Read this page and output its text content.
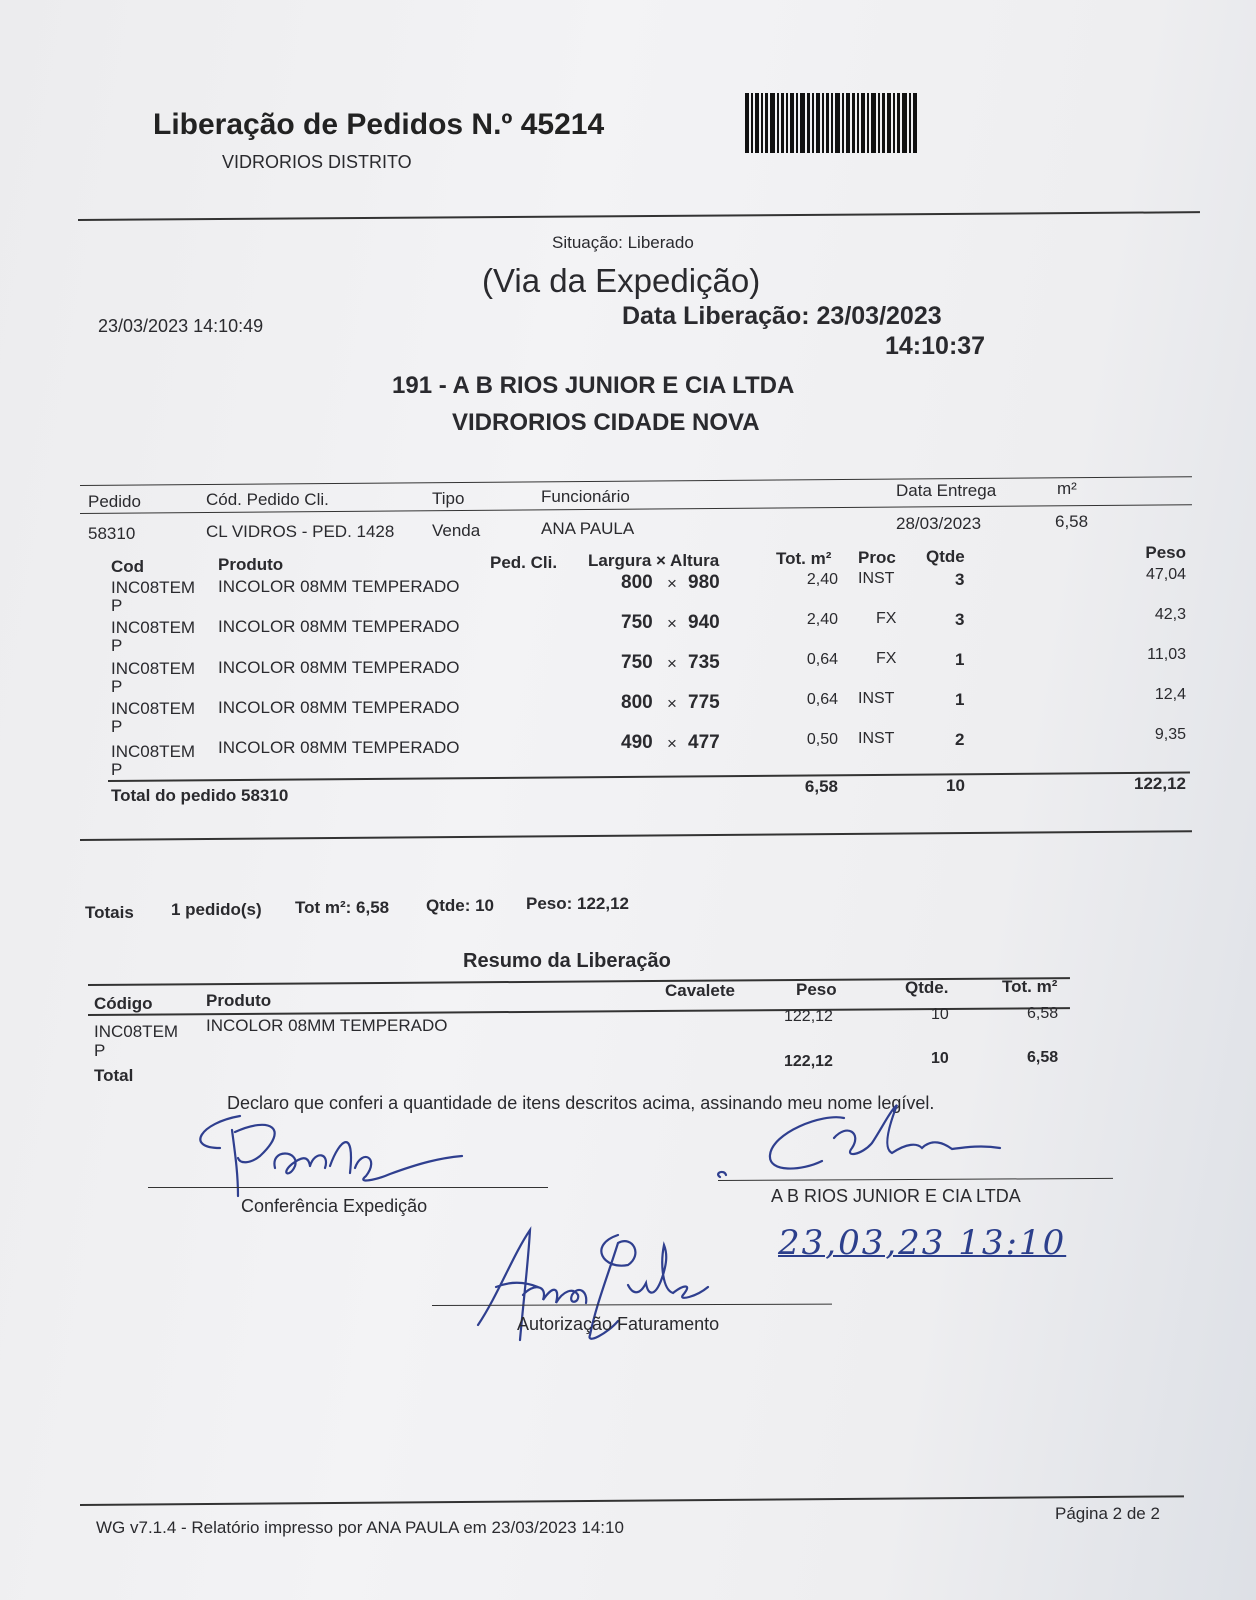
Liberação de Pedidos N.º 45214
VIDRORIOS DISTRITO
Situação: Liberado
(Via da Expedição)
23/03/2023 14:10:49	Data Liberação: 23/03/2023
14:10:37
191 - A B RIOS JUNIOR E CIA LTDA
VIDRORIOS CIDADE NOVA
Pedido	Cód. Pedido Cli.	Tipo	Funcionário	Data Entrega	m²
58310	CL VIDROS - PED. 1428 Venda	ANA PAULA	28/03/2023	6,58
Cod	Produto	Ped. Cli. Largura × Altura	Tot. m² Proc Qtde	Peso
INC08TEM
P
INCOLOR 08MM TEMPERADO	800 × 980	2,40 INST	3	47,04
INC08TEM
P
INCOLOR 08MM TEMPERADO	750 × 940	2,40 FX	3	42,3
INC08TEM
P
INCOLOR 08MM TEMPERADO	750 × 735	0,64 FX	1	11,03
INC08TEM
P
INCOLOR 08MM TEMPERADO	800 × 775	0,64 INST	1	12,4
INC08TEM
P
INCOLOR 08MM TEMPERADO	490 × 477	0,50 INST	2	9,35
Total do pedido 58310	6,58	10	122,12
Totais 1 pedido(s) Tot m²: 6,58 Qtde: 10 Peso: 122,12
Resumo da Liberação
Código	Produto
Cavalete	Peso	Qtde.	Tot. m²
INC08TEM
P
INCOLOR 08MM TEMPERADO	122,12	10	6,58
Total
122,12	10	6,58
Declaro que conferi a quantidade de itens descritos acima, assinando meu nome legível.
Conferência Expedição	A B RIOS JUNIOR E CIA LTDA
23,03,23 13:10
Autorização Faturamento
WG v7.1.4 - Relatório impresso por ANA PAULA em 23/03/2023 14:10
Página 2 de 2
